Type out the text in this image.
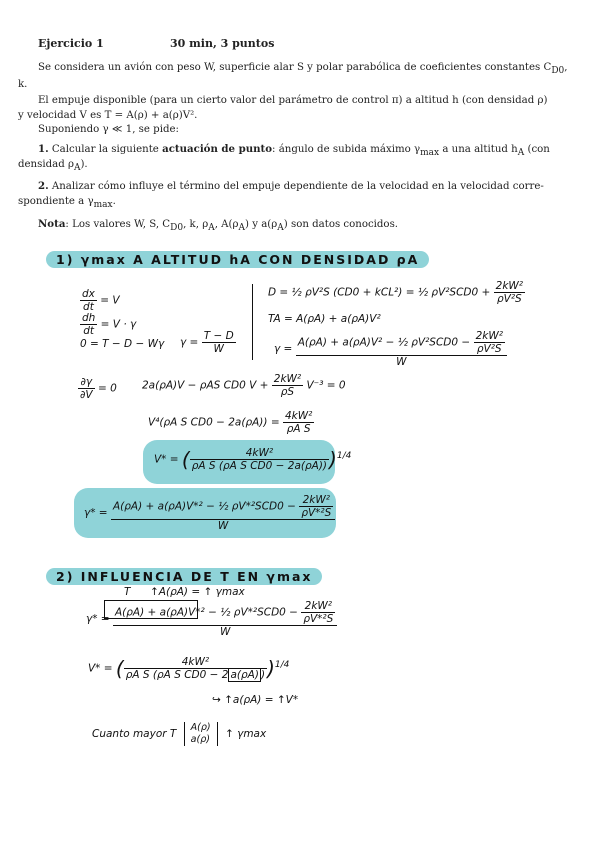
Ejercicio 1	30 min, 3 puntos
Se considera un avión con peso W, superficie alar S y polar parabólica de coeficientes constantes $C_{D0}$,
k.
El empuje disponible (para un cierto valor del parámetro de control π) a altitud h (con densidad ρ)
y velocidad V es T = A(ρ) + a(ρ)V².
Suponiendo γ ≪ 1, se pide:
1. Calcular la siguiente actuación de punto: ángulo de subida máximo $\gamma_{max}$ a una altitud $h_A$ (con
densidad $\rho_A$).
2. Analizar cómo influye el término del empuje dependiente de la velocidad en la velocidad corre-
spondiente a $\gamma_{max}$.
Nota: Los valores W, S, $C_{D0}$, k, $\rho_A$, $A(\rho_A)$ y $a(\rho_A)$ son datos conocidos.
1) γmax A ALTITUD hA CON DENSIDAD ρA
$\frac{dx}{dt} = V$
$\frac{dh}{dt} = V \cdot \gamma$
0 = T − D − Wγ $\gamma = \frac{T - D}{W}$
D = ½ ρV²S (CD0 + kCL²) = ½ $\rho V^2SCD0 + \frac{\text{2kW²}}{\text{ρV²S}}$
TA = A(ρA) + a(ρA)V²
$\gamma = \frac{A(\rho A) + a(\rho A)V^2 - \frac{1}{2} \rho V^2SCD0 - \frac{\text{2kW²}}{\text{ρV²S}}}{W}$
$\frac{\partial\gamma}{\partial V} = 0$ 2a(ρA)V − ρAS CD0 $V + \frac{\text{2kW²}}{\rho S} V^{-3} = 0$
V⁴(ρA S $CD0 - 2a(\rho A)) = \frac{\text{4kW²}}{\text{ρA S}}$
V* = ( $\frac{\text{4kW²}}{\text{ρA S (ρA S CD0 − 2a(ρA))}} )^{1/4}$
$\gamma* = \frac{A(\rho A) + a(\rho A)V*^2 - \frac{1}{2} \rho V*^2SCD0 - \frac{\text{2kW²}}{\text{ρV*²S}}}{W}$
2) INFLUENCIA DE T EN γmax
T ↑A(ρA) = ↑ γmax
$\gamma* = \frac{A(\rho A) + a(\rho A)V*^2 - \frac{1}{2} \rho V*^2SCD0 - \frac{\text{2kW²}}{\text{ρV*²S}}}{W}$
V* = ( $\frac{\text{4kW²}}{\text{ρA S (ρA S CD0 − 2 a(ρA) )}} )^{1/4}$
↪ ↑a(ρA) = ↑V*
Cuanto mayor T
A(ρ)
a(ρ) ↑ γmax
